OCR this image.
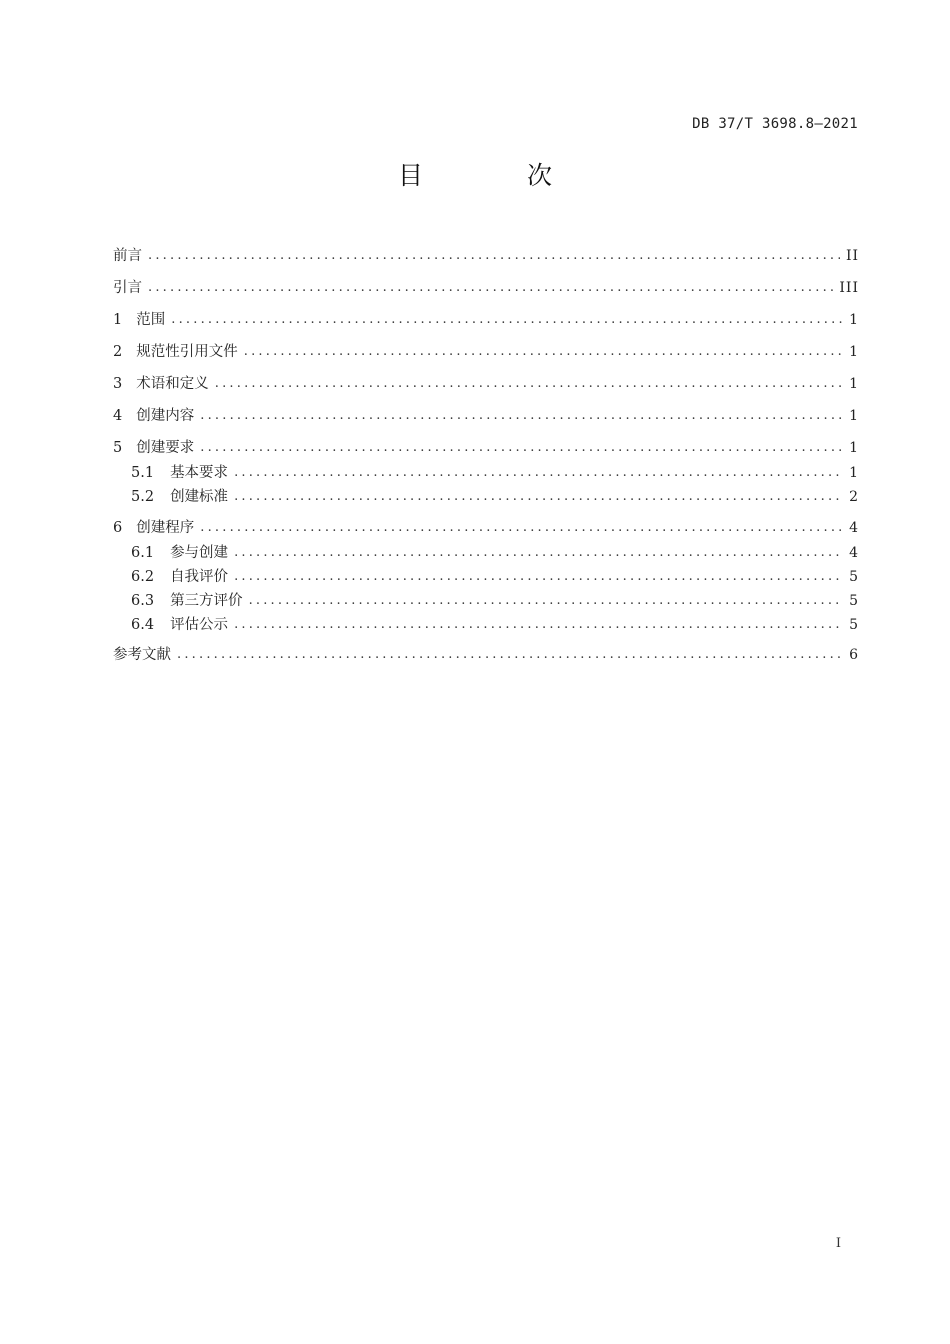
DB 37/T 3698.8—2021
目 次
前言 .....	II
引言 .....	III
1 范围 .....	1
2 规范性引用文件 .....	1
3 术语和定义 .....	1
4 创建内容 .....	1
5 创建要求 .....	1
5.1 基本要求 .....	1
5.2 创建标准 .....	2
6 创建程序 .....	4
6.1 参与创建 .....	4
6.2 自我评价 .....	5
6.3 第三方评价 .....	5
6.4 评估公示 .....	5
参考文献 .....	6
I
